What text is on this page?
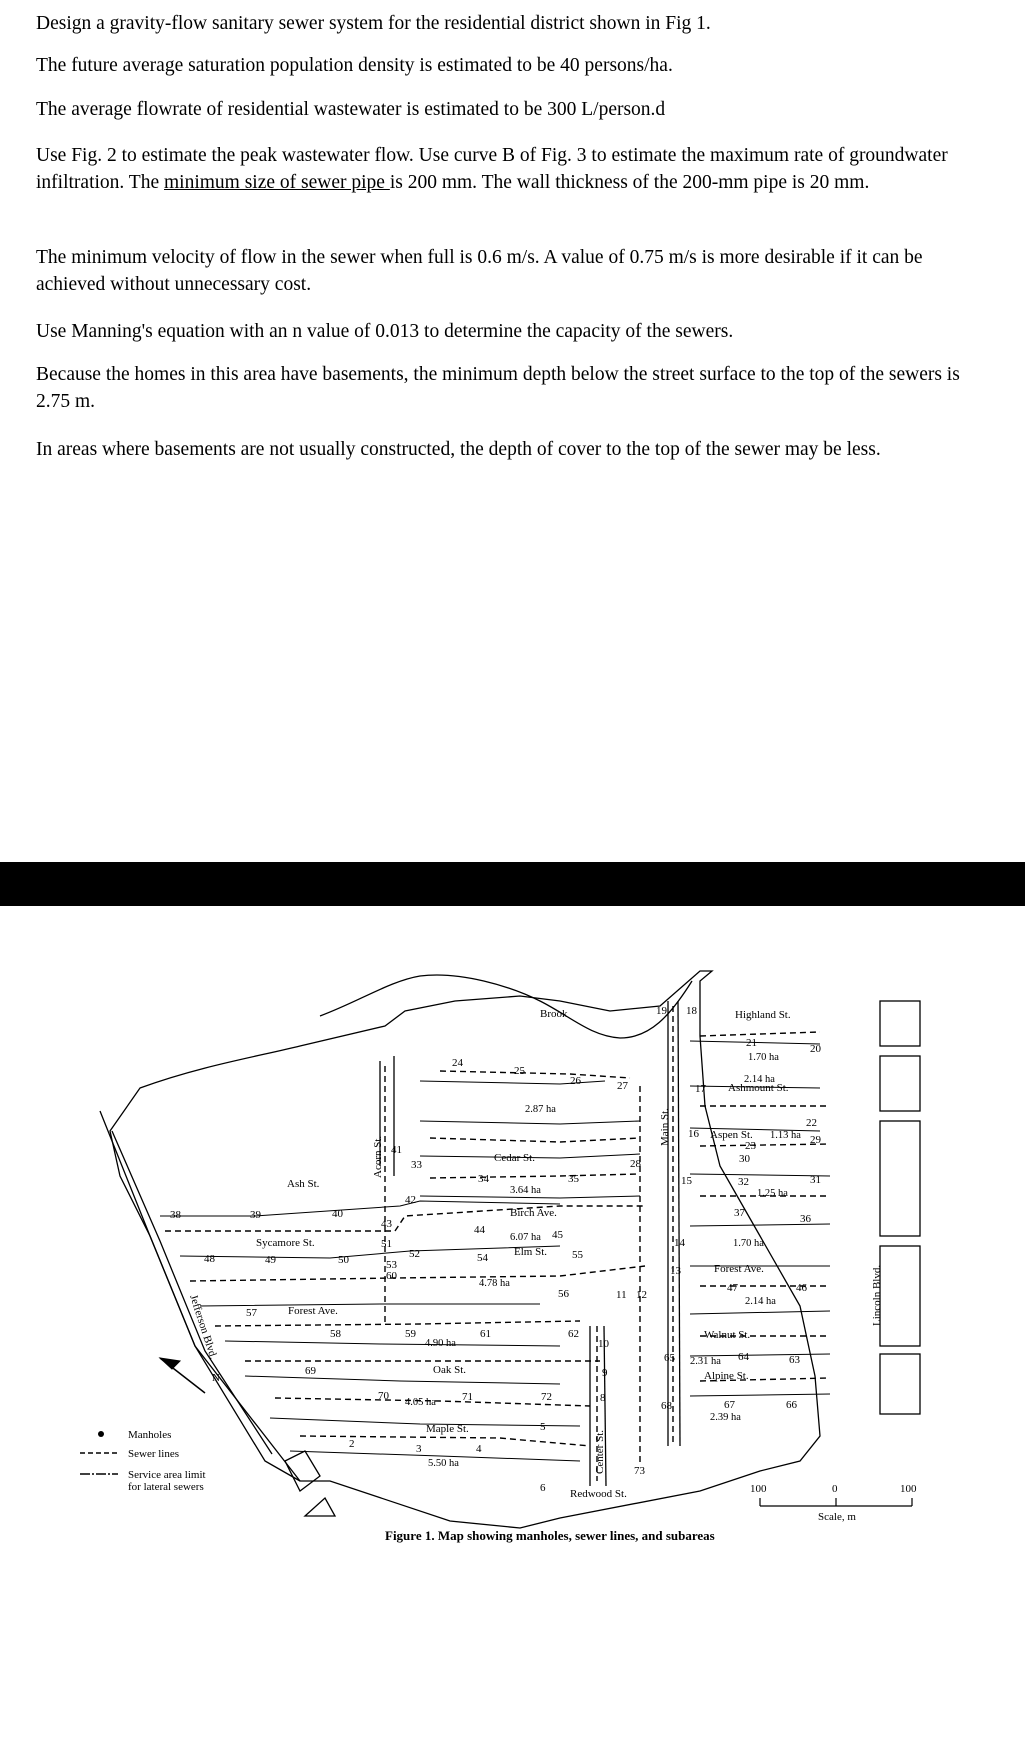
Design a gravity-flow sanitary sewer system for the residential district shown in Fig 1.

The future average saturation population density is estimated to be 40 persons/ha.

The average flowrate of residential wastewater is estimated to be 300 L/person.d

Use Fig. 2 to estimate the peak wastewater flow. Use curve B of Fig. 3 to estimate the maximum rate of groundwater infiltration. The minimum size of sewer pipe is 200 mm. The wall thickness of the 200-mm pipe is 20 mm.

The minimum velocity of flow in the sewer when full is 0.6 m/s. A value of 0.75 m/s is more desirable if it can be achieved without unnecessary cost.

Use Manning's equation with an n value of 0.013 to determine the capacity of the sewers.

Because the homes in this area have basements, the minimum depth below the street surface to the top of the sewers is 2.75 m.

In areas where basements are not usually constructed, the depth of cover to the top of the sewer may be less.

N
Brook	Highland St.
Ashmount St.
Aspen St.
Cedar St.
Birch Ave.
Elm St.
Ash St.
Sycamore St.
Forest Ave.
Forest Ave.
Walnut St.
Alpine St.
Oak St.
Maple St.
Redwood St.
Acorn St.
Main St.
Center St.
Jefferson Blvd.	Lincoln Blvd.
2.87 ha
1.70 ha
2.14 ha
1.13 ha
3.64 ha	1.25 ha
6.07 ha
1.70 ha
4.78 ha
2.14 ha
4.90 ha
2.31 ha
4.05 ha
2.39 ha
5.50 ha
2	3	4
5
6
8
9
10
11 12
13
14
15
16
17
18
19
20
21
22
23
24
25
26	27
28
29
30
31
32
33
34	35
36
37
38	39	40
41
42
43	44	45
46
47
48	49	50
51
52
53
54	55
56
57
58	59
60
61	62
63
64
65
66
67
68
69
70	71	72
73
Manholes
Sewer lines
Service area limit
for lateral sewers	100	0	100
Scale, m
Figure 1. Map showing manholes, sewer lines, and subareas
